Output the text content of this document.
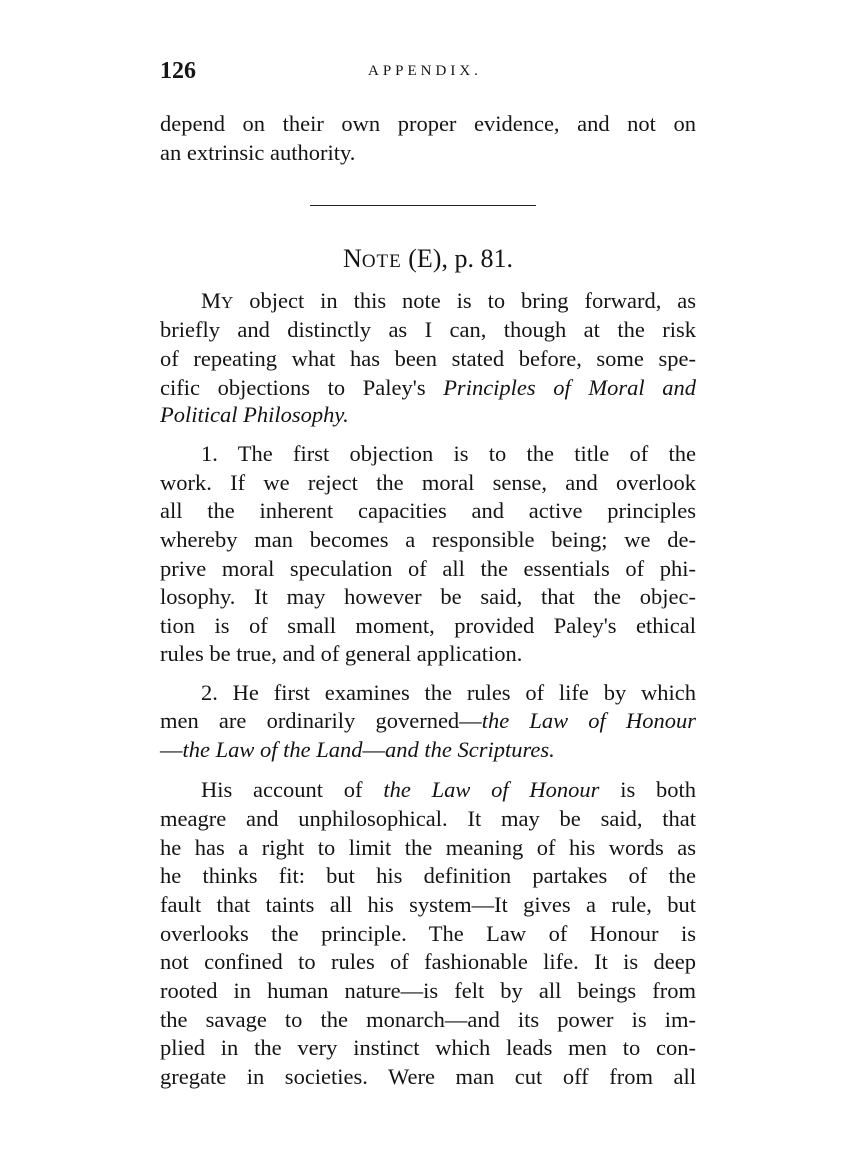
126	APPENDIX.
depend on their own proper evidence, and not on
an extrinsic authority.
NOTE (E), p. 81.
MY object in this note is to bring forward, as
briefly and distinctly as I can, though at the risk
of repeating what has been stated before, some spe-
cific objections to Paley's Principles of Moral and
Political Philosophy.
1. The first objection is to the title of the
work. If we reject the moral sense, and overlook
all the inherent capacities and active principles
whereby man becomes a responsible being; we de-
prive moral speculation of all the essentials of phi-
losophy. It may however be said, that the objec-
tion is of small moment, provided Paley's ethical
rules be true, and of general application.
2. He first examines the rules of life by which
men are ordinarily governed—the Law of Honour
—the Law of the Land—and the Scriptures.
His account of the Law of Honour is both
meagre and unphilosophical. It may be said, that
he has a right to limit the meaning of his words as
he thinks fit: but his definition partakes of the
fault that taints all his system—It gives a rule, but
overlooks the principle. The Law of Honour is
not confined to rules of fashionable life. It is deep
rooted in human nature—is felt by all beings from
the savage to the monarch—and its power is im-
plied in the very instinct which leads men to con-
gregate in societies. Were man cut off from all
